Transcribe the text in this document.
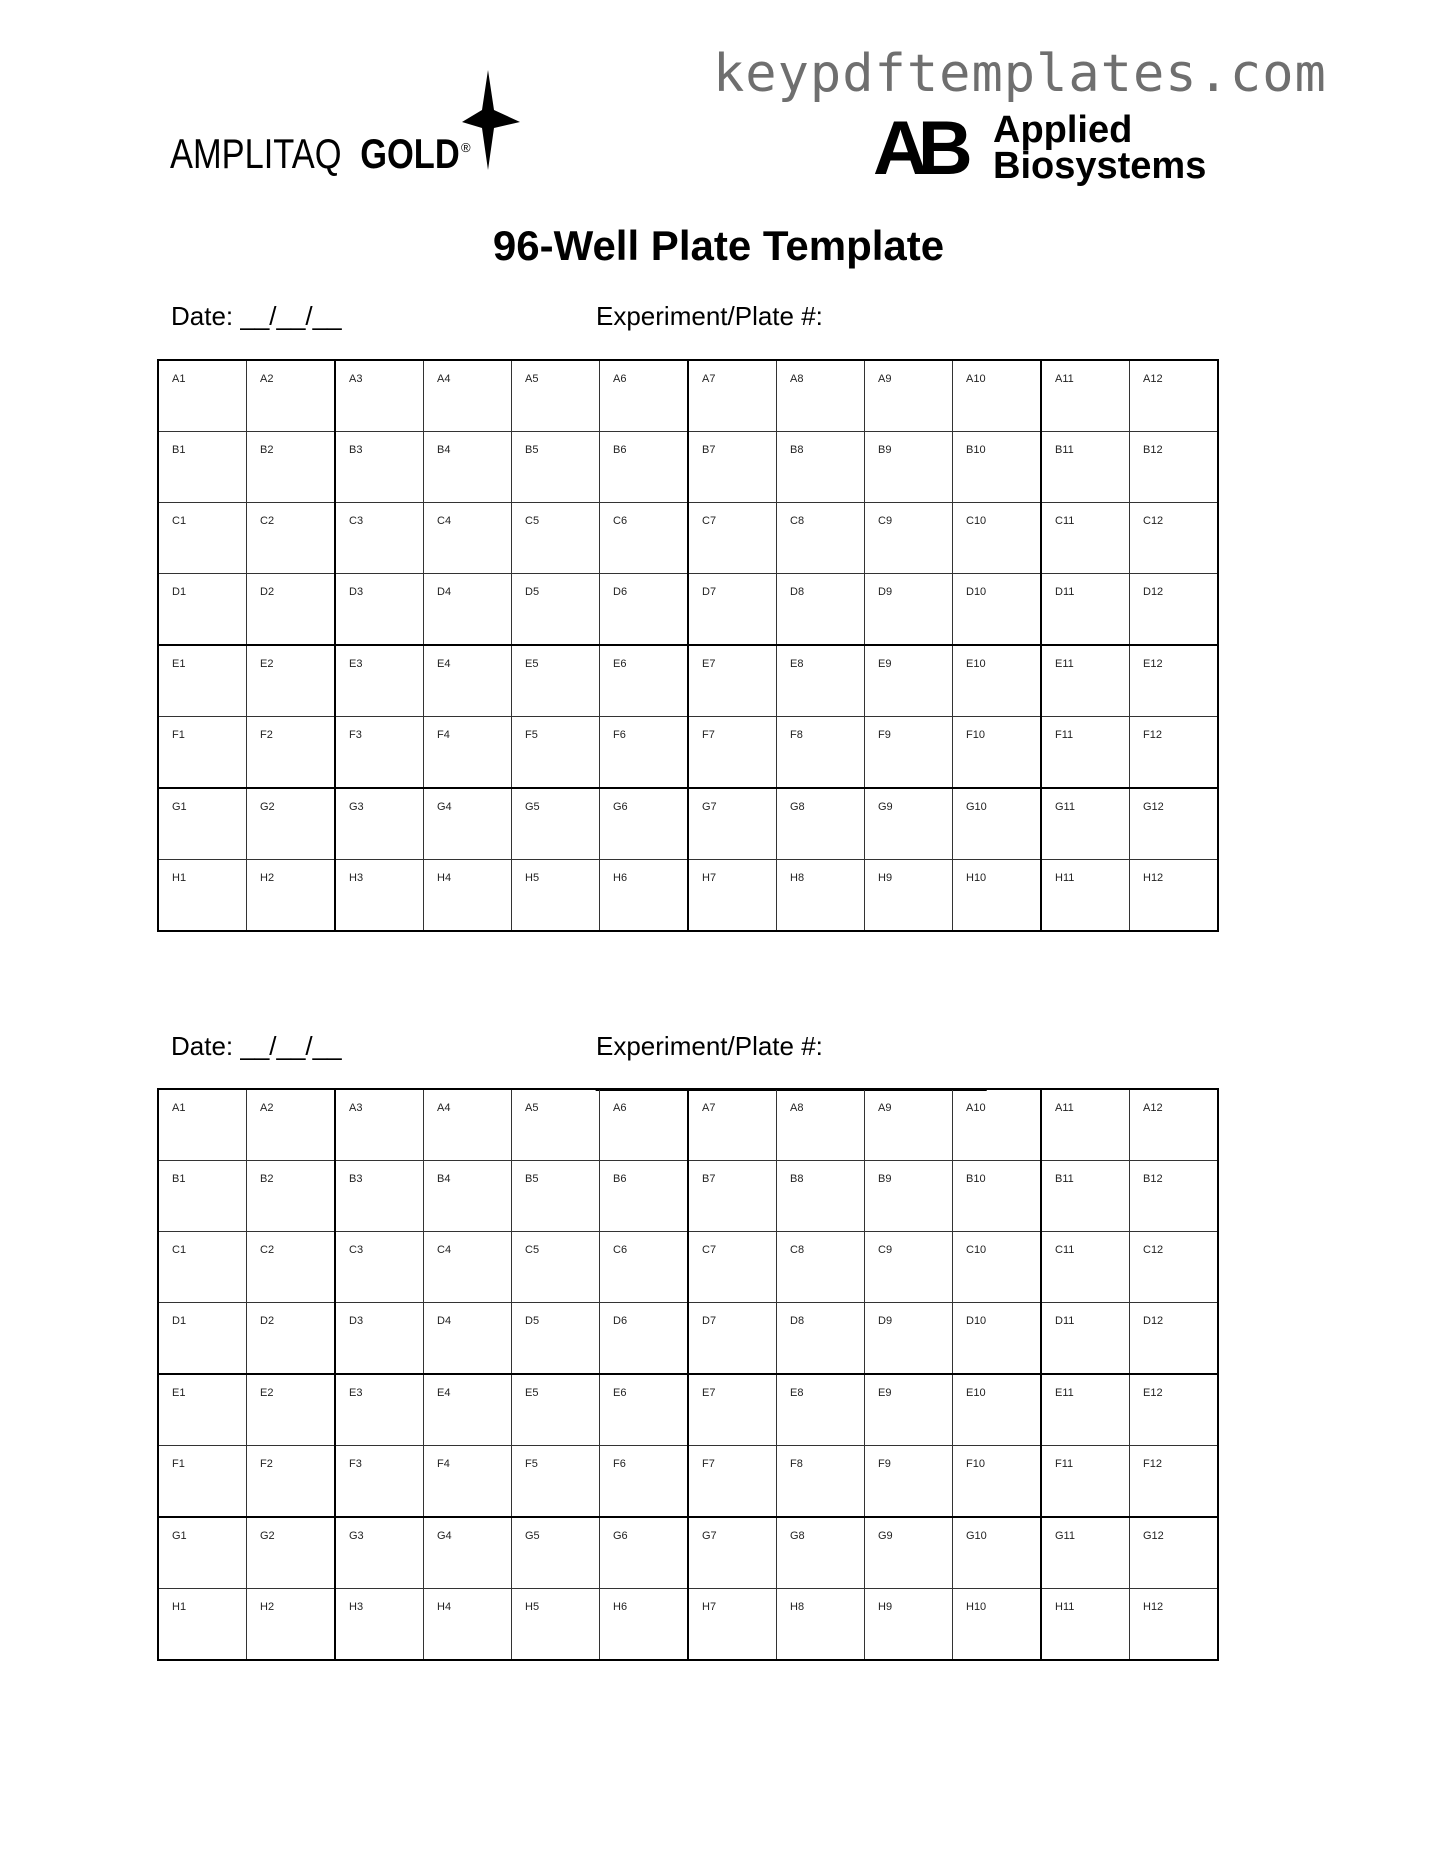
keypdftemplates.com
AMPLITAQ GOLD ®	AB Applied
Biosystems
96-Well Plate Template
Date: __/__/__	Experiment/Plate #: ___________________________
A1	A2	A3	A4	A5	A6	A7	A8	A9	A10	A11	A12

B1	B2	B3	B4	B5	B6	B7	B8	B9	B10	B11	B12

C1	C2	C3	C4	C5	C6	C7	C8	C9	C10	C11	C12

D1	D2	D3	D4	D5	D6	D7	D8	D9	D10	D11	D12

E1	E2	E3	E4	E5	E6	E7	E8	E9	E10	E11	E12

F1	F2	F3	F4	F5	F6	F7	F8	F9	F10	F11	F12

G1	G2	G3	G4	G5	G6	G7	G8	G9	G10	G11	G12

H1	H2	H3	H4	H5	H6	H7	H8	H9	H10	H11	H12
Date: __/__/__	Experiment/Plate #: ___________________________
A1	A2	A3	A4	A5	A6	A7	A8	A9	A10	A11	A12

B1	B2	B3	B4	B5	B6	B7	B8	B9	B10	B11	B12

C1	C2	C3	C4	C5	C6	C7	C8	C9	C10	C11	C12

D1	D2	D3	D4	D5	D6	D7	D8	D9	D10	D11	D12

E1	E2	E3	E4	E5	E6	E7	E8	E9	E10	E11	E12

F1	F2	F3	F4	F5	F6	F7	F8	F9	F10	F11	F12

G1	G2	G3	G4	G5	G6	G7	G8	G9	G10	G11	G12

H1	H2	H3	H4	H5	H6	H7	H8	H9	H10	H11	H12
